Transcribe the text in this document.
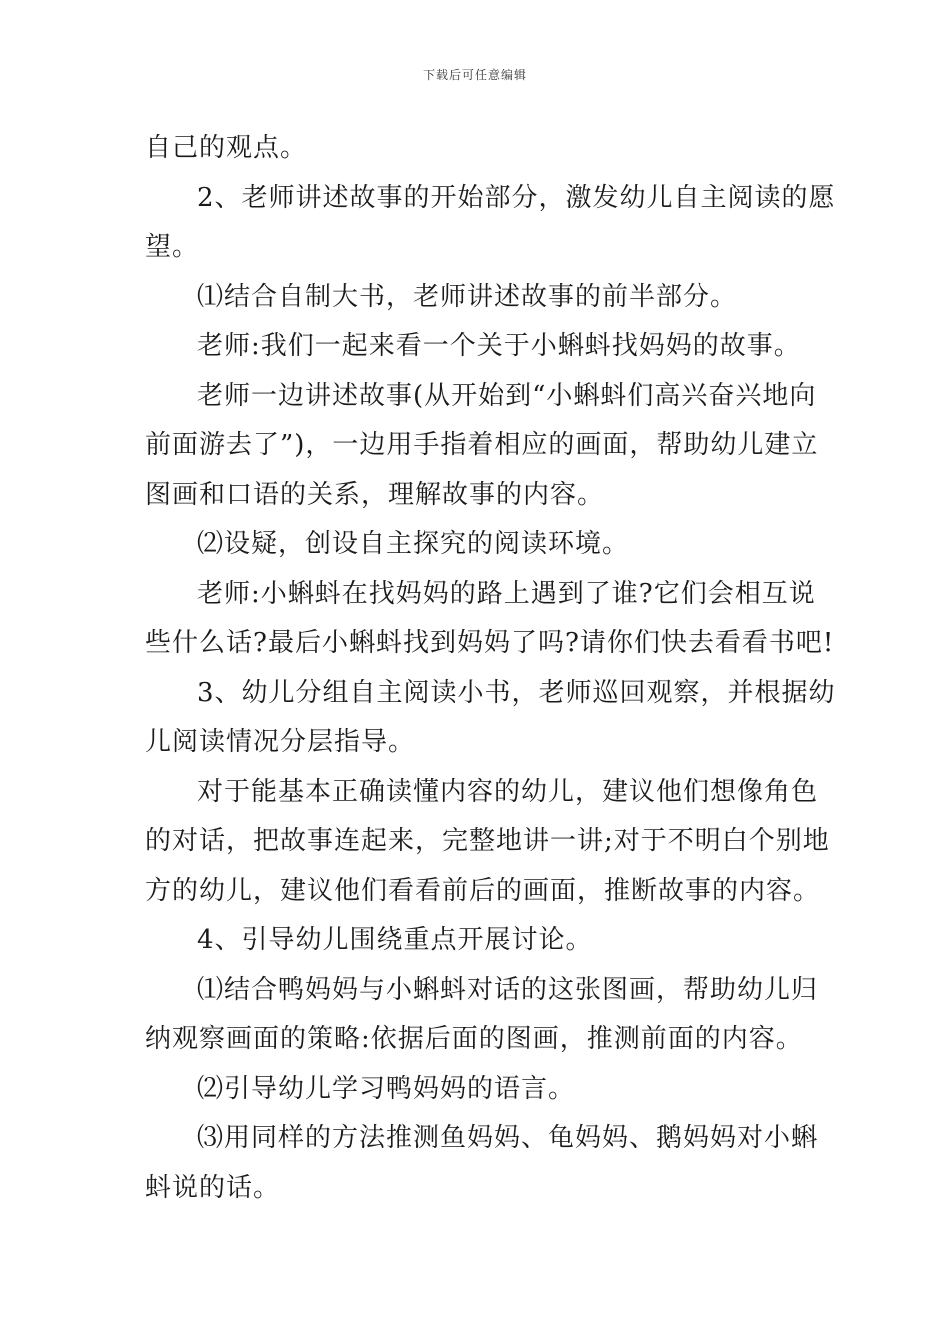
下载后可任意编辑
自己的观点。
2、老师讲述故事的开始部分，激发幼儿自主阅读的愿
望。
⑴结合自制大书，老师讲述故事的前半部分。
老师:我们一起来看一个关于小蝌蚪找妈妈的故事。
老师一边讲述故事(从开始到“小蝌蚪们高兴奋兴地向
前面游去了”)，一边用手指着相应的画面，帮助幼儿建立
图画和口语的关系，理解故事的内容。
⑵设疑，创设自主探究的阅读环境。
老师:小蝌蚪在找妈妈的路上遇到了谁?它们会相互说
些什么话?最后小蝌蚪找到妈妈了吗?请你们快去看看书吧!
3、幼儿分组自主阅读小书，老师巡回观察，并根据幼
儿阅读情况分层指导。
对于能基本正确读懂内容的幼儿，建议他们想像角色
的对话，把故事连起来，完整地讲一讲;对于不明白个别地
方的幼儿，建议他们看看前后的画面，推断故事的内容。
4、引导幼儿围绕重点开展讨论。
⑴结合鸭妈妈与小蝌蚪对话的这张图画，帮助幼儿归
纳观察画面的策略:依据后面的图画，推测前面的内容。
⑵引导幼儿学习鸭妈妈的语言。
⑶用同样的方法推测鱼妈妈、龟妈妈、鹅妈妈对小蝌
蚪说的话。
